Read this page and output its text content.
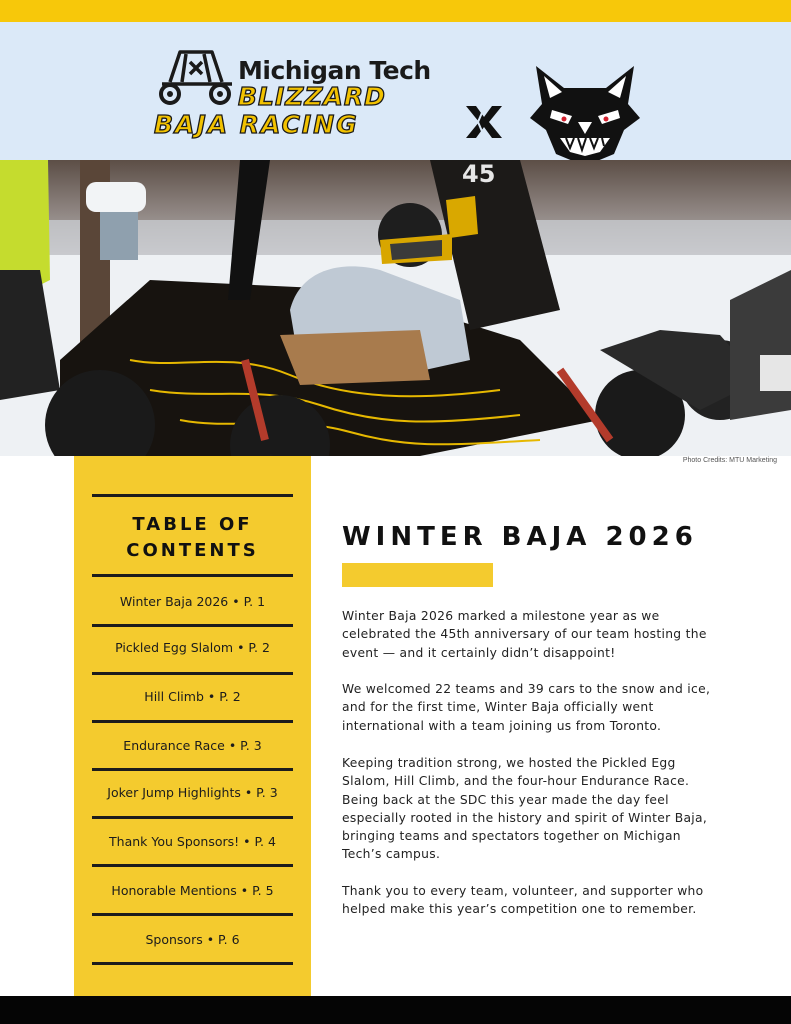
Michigan Tech
BLIZZARD
BAJA RACING
45
Photo Credits: MTU Marketing
TABLE OF
CONTENTS
Winter Baja 2026 • P. 1
Pickled Egg Slalom • P. 2
Hill Climb • P. 2
Endurance Race • P. 3
Joker Jump Highlights • P. 3
Thank You Sponsors! • P. 4
Honorable Mentions • P. 5
Sponsors • P. 6
WINTER BAJA 2026

Winter Baja 2026 marked a milestone year as we celebrated the 45th anniversary of our team hosting the event — and it certainly didn’t disappoint!

We welcomed 22 teams and 39 cars to the snow and ice, and for the first time, Winter Baja officially went international with a team joining us from Toronto.

Keeping tradition strong, we hosted the Pickled Egg Slalom, Hill Climb, and the four-hour Endurance Race. Being back at the SDC this year made the day feel especially rooted in the history and spirit of Winter Baja, bringing teams and spectators together on Michigan Tech’s campus.

Thank you to every team, volunteer, and supporter who helped make this year’s competition one to remember.
